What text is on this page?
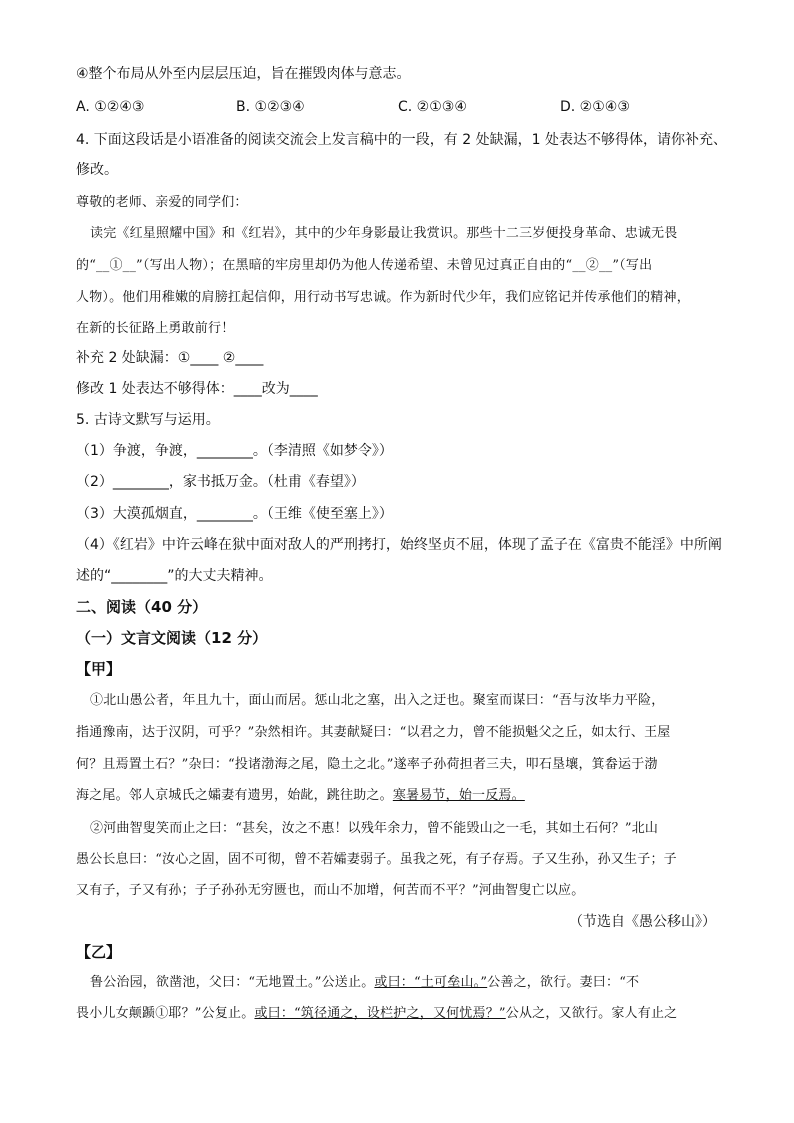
④整个布局从外至内层层压迫，旨在摧毁肉体与意志。
A. ①②④③	B. ①②③④	C. ②①③④	D. ②①④③
4. 下面这段话是小语准备的阅读交流会上发言稿中的一段，有 2 处缺漏，1 处表达不够得体，请你补充、
修改。
尊敬的老师、亲爱的同学们：
读完《红星照耀中国》和《红岩》，其中的少年身影最让我赏识。那些十二三岁便投身革命、忠诚无畏
的“__①__”（写出人物）；在黑暗的牢房里却仍为他人传递希望、未曾见过真正自由的“__②__”（写出
人物）。他们用稚嫩的肩膀扛起信仰，用行动书写忠诚。作为新时代少年，我们应铭记并传承他们的精神，
在新的长征路上勇敢前行！
补充 2 处缺漏：①____ ②____
修改 1 处表达不够得体：____改为____
5. 古诗文默写与运用。
（1）争渡，争渡，________。（李清照《如梦令》）
（2）________，家书抵万金。（杜甫《春望》）
（3）大漠孤烟直，________。（王维《使至塞上》）
（4）《红岩》中许云峰在狱中面对敌人的严刑拷打，始终坚贞不屈，体现了孟子在《富贵不能淫》中所阐
述的“________”的大丈夫精神。
二、阅读（40 分）
（一）文言文阅读（12 分）
【甲】
①北山愚公者，年且九十，面山而居。惩山北之塞，出入之迂也。聚室而谋曰：“吾与汝毕力平险，
指通豫南，达于汉阴，可乎？”杂然相许。其妻献疑曰：“以君之力，曾不能损魁父之丘，如太行、王屋
何？且焉置土石？”杂曰：“投诸渤海之尾，隐土之北。”遂率子孙荷担者三夫，叩石垦壤，箕畚运于渤
海之尾。邻人京城氏之孀妻有遗男，始龀，跳往助之。寒暑易节，始一反焉。
②河曲智叟笑而止之曰：“甚矣，汝之不惠！以残年余力，曾不能毁山之一毛，其如土石何？”北山
愚公长息曰：“汝心之固，固不可彻，曾不若孀妻弱子。虽我之死，有子存焉。子又生孙，孙又生子；子
又有子，子又有孙；子子孙孙无穷匮也，而山不加增，何苦而不平？”河曲智叟亡以应。
（节选自《愚公移山》）
【乙】
鲁公治园，欲凿池，父曰：“无地置土。”公送止。或曰：“土可垒山。”公善之，欲行。妻曰：“不
畏小儿女颠踬①耶？”公复止。或曰：“筑径通之，设栏护之，又何忧焉？”公从之，又欲行。家人有止之
